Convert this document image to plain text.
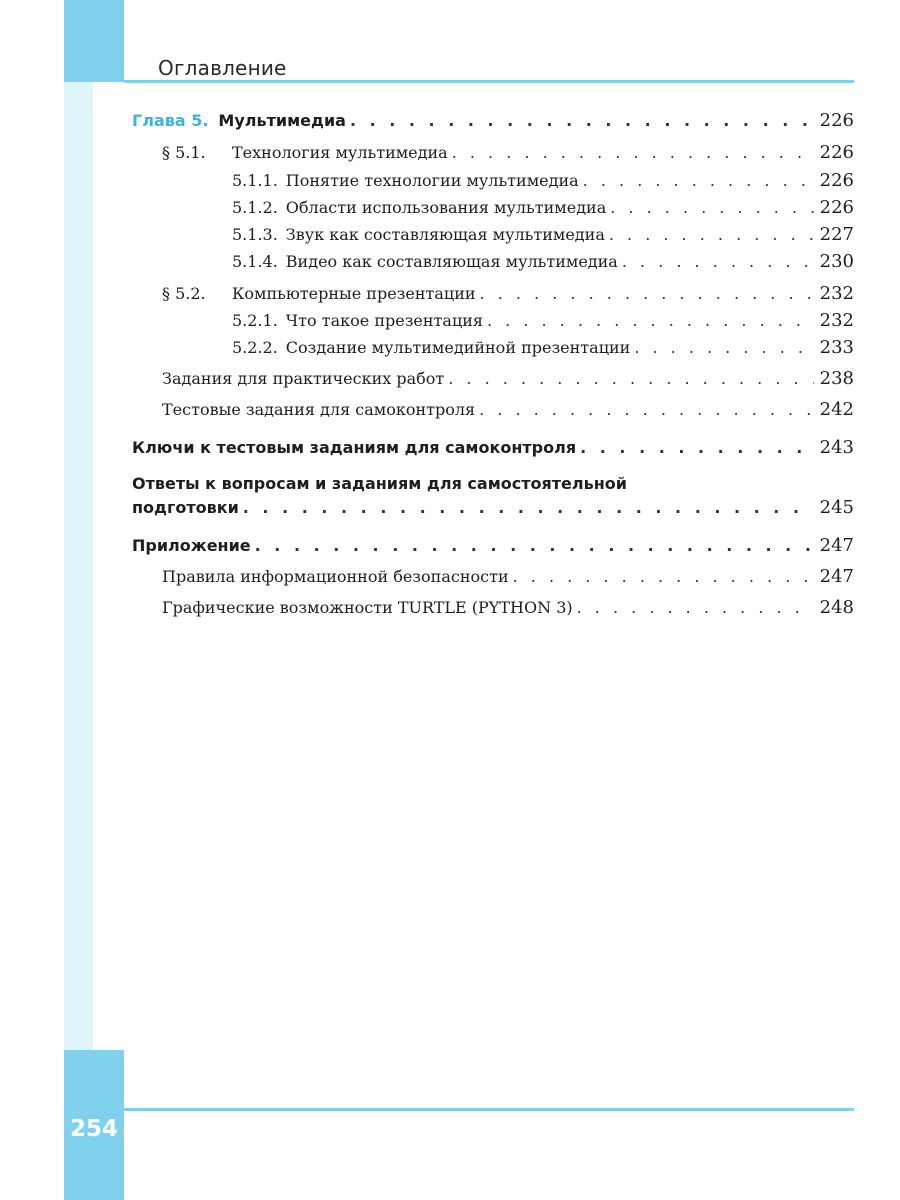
Оглавление
254
Глава 5. Мультимедиа . . .	226
§ 5.1. Технология мультимедиа . . .	226
5.1.1. Понятие технологии мультимедиа . . .	226
5.1.2. Области использования мультимедиа . . .	226
5.1.3. Звук как составляющая мультимедиа . . .	227
5.1.4. Видео как составляющая мультимедиа . . .	230
§ 5.2. Компьютерные презентации . . .	232
5.2.1. Что такое презентация . . .	232
5.2.2. Создание мультимедийной презентации . . .	233
Задания для практических работ . . .	238
Тестовые задания для самоконтроля . . .	242
Ключи к тестовым заданиям для самоконтроля . . .	243
Ответы к вопросам и заданиям для самостоятельной
подготовки . . .	245
Приложение . . .	247
Правила информационной безопасности . . .	247
Графические возможности TURTLE (PYTHON 3) . . .	248
